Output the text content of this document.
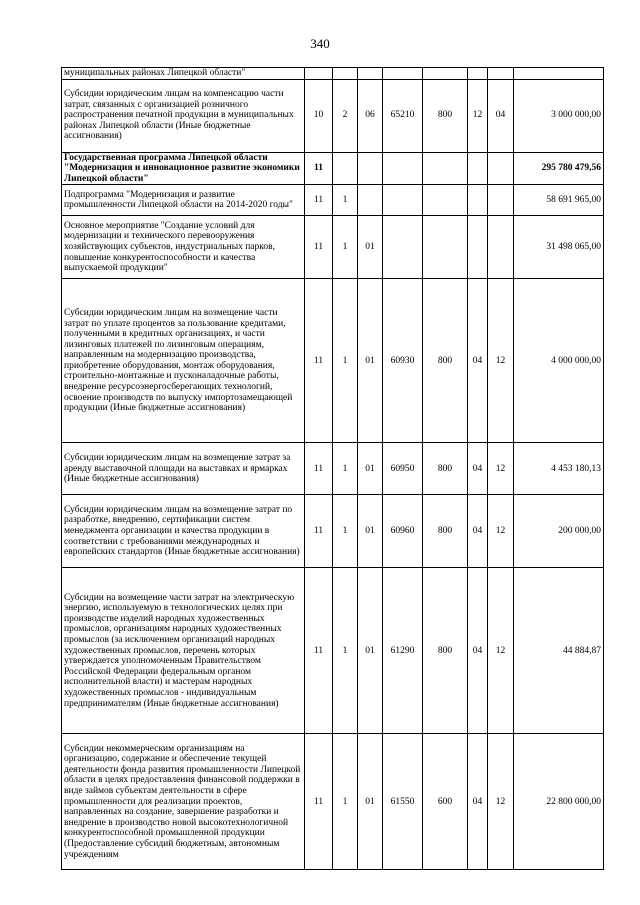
340
муниципальных районах Липецкой области"								
Субсидии юридическим лицам на компенсацию части затрат, связанных с организацией розничного распространения печатной продукции в муниципальных районах Липецкой области (Иные бюджетные ассигнования)	10	2	06	65210	800	12	04	3 000 000,00
Государственная программа Липецкой области "Модернизация и инновационное развитие экономики Липецкой области"	11							295 780 479,56
Подпрограмма "Модернизация и развитие промышленности Липецкой области на 2014-2020 годы"	11	1						58 691 965,00
Основное мероприятие "Создание условий для модернизации и технического перевооружения хозяйствующих субъектов, индустриальных парков, повышение конкурентоспособности и качества выпускаемой продукции"	11	1	01					31 498 065,00
Субсидии юридическим лицам на возмещение части затрат по уплате процентов за пользование кредитами, полученными в кредитных организациях, и части лизинговых платежей по лизинговым операциям, направленным на модернизацию производства, приобретение оборудования, монтаж оборудования, строительно-монтажные и пусконаладочные работы, внедрение ресурсоэнергосберегающих технологий, освоение производств по выпуску импортозамещающей продукции (Иные бюджетные ассигнования)	11	1	01	60930	800	04	12	4 000 000,00
Субсидии юридическим лицам на возмещение затрат за аренду выставочной площади на выставках и ярмарках (Иные бюджетные ассигнования)	11	1	01	60950	800	04	12	4 453 180,13
Субсидии юридическим лицам на возмещение затрат по разработке, внедрению, сертификации систем менеджмента организации и качества продукции в соответствии с требованиями международных и европейских стандартов (Иные бюджетные ассигнования)	11	1	01	60960	800	04	12	200 000,00
Субсидии на возмещение части затрат на электрическую энергию, используемую в технологических целях при производстве изделий народных художественных промыслов, организациям народных художественных промыслов (за исключением организаций народных художественных промыслов, перечень которых утверждается уполномоченным Правительством Российской Федерации федеральным органом исполнительной власти) и мастерам народных художественных промыслов - индивидуальным предпринимателям (Иные бюджетные ассигнования)	11	1	01	61290	800	04	12	44 884,87
Субсидии некоммерческим организациям на организацию, содержание и обеспечение текущей деятельности фонда развития промышленности Липецкой области в целях предоставления финансовой поддержки в виде займов субъектам деятельности в сфере промышленности для реализации проектов, направленных на создание, завершение разработки и внедрение в производство новой высокотехнологичной конкурентоспособной промышленной продукции (Предоставление субсидий бюджетным, автономным учреждениям	11	1	01	61550	600	04	12	22 800 000,00
